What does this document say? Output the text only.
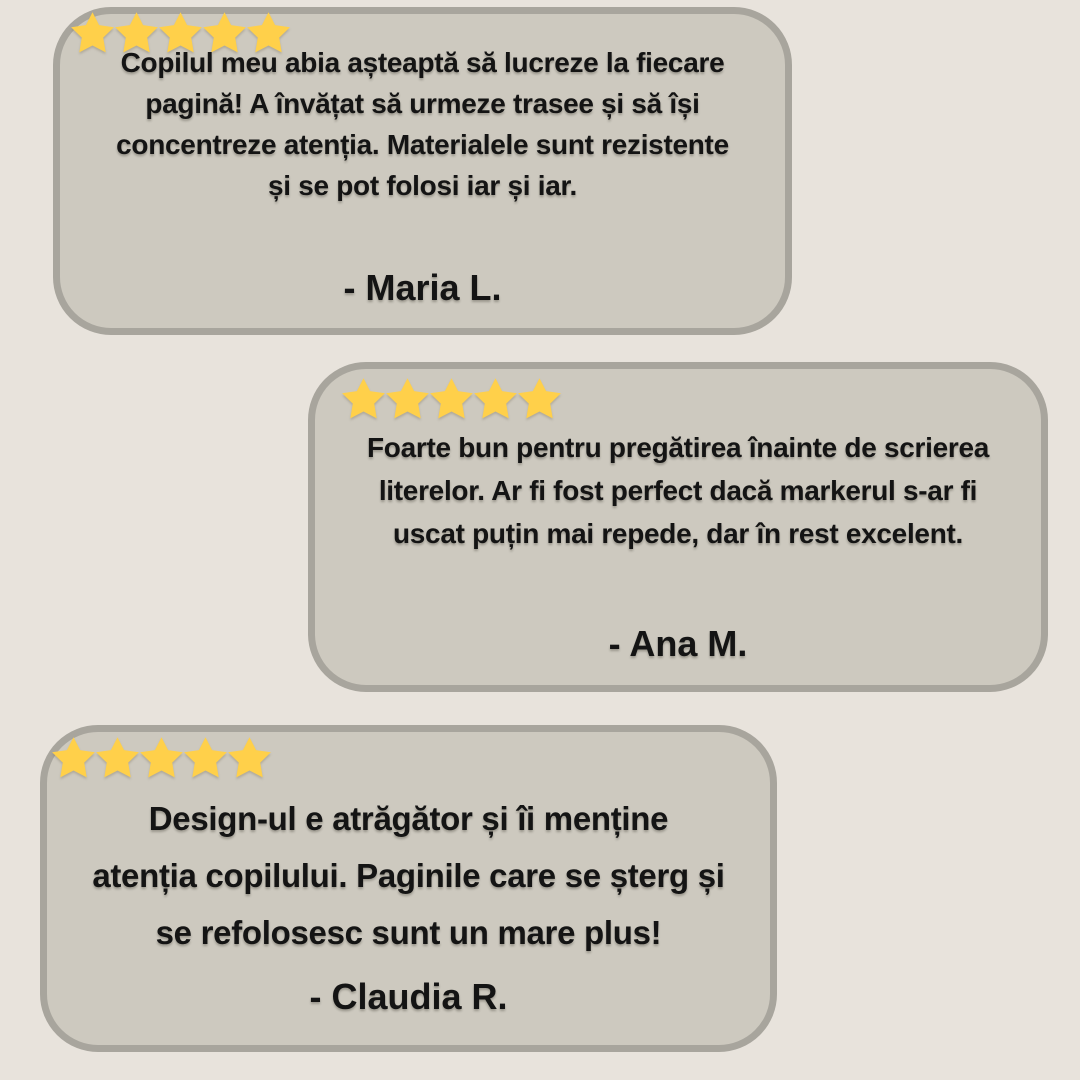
Copilul meu abia așteaptă să lucreze la fiecare
pagină! A învățat să urmeze trasee și să își
concentreze atenția. Materialele sunt rezistente
și se pot folosi iar și iar.
- Maria L.
Foarte bun pentru pregătirea înainte de scrierea
literelor. Ar fi fost perfect dacă markerul s-ar fi
uscat puțin mai repede, dar în rest excelent.
- Ana M.
Design-ul e atrăgător și îi menține
atenția copilului. Paginile care se șterg și
se refolosesc sunt un mare plus!
- Claudia R.
